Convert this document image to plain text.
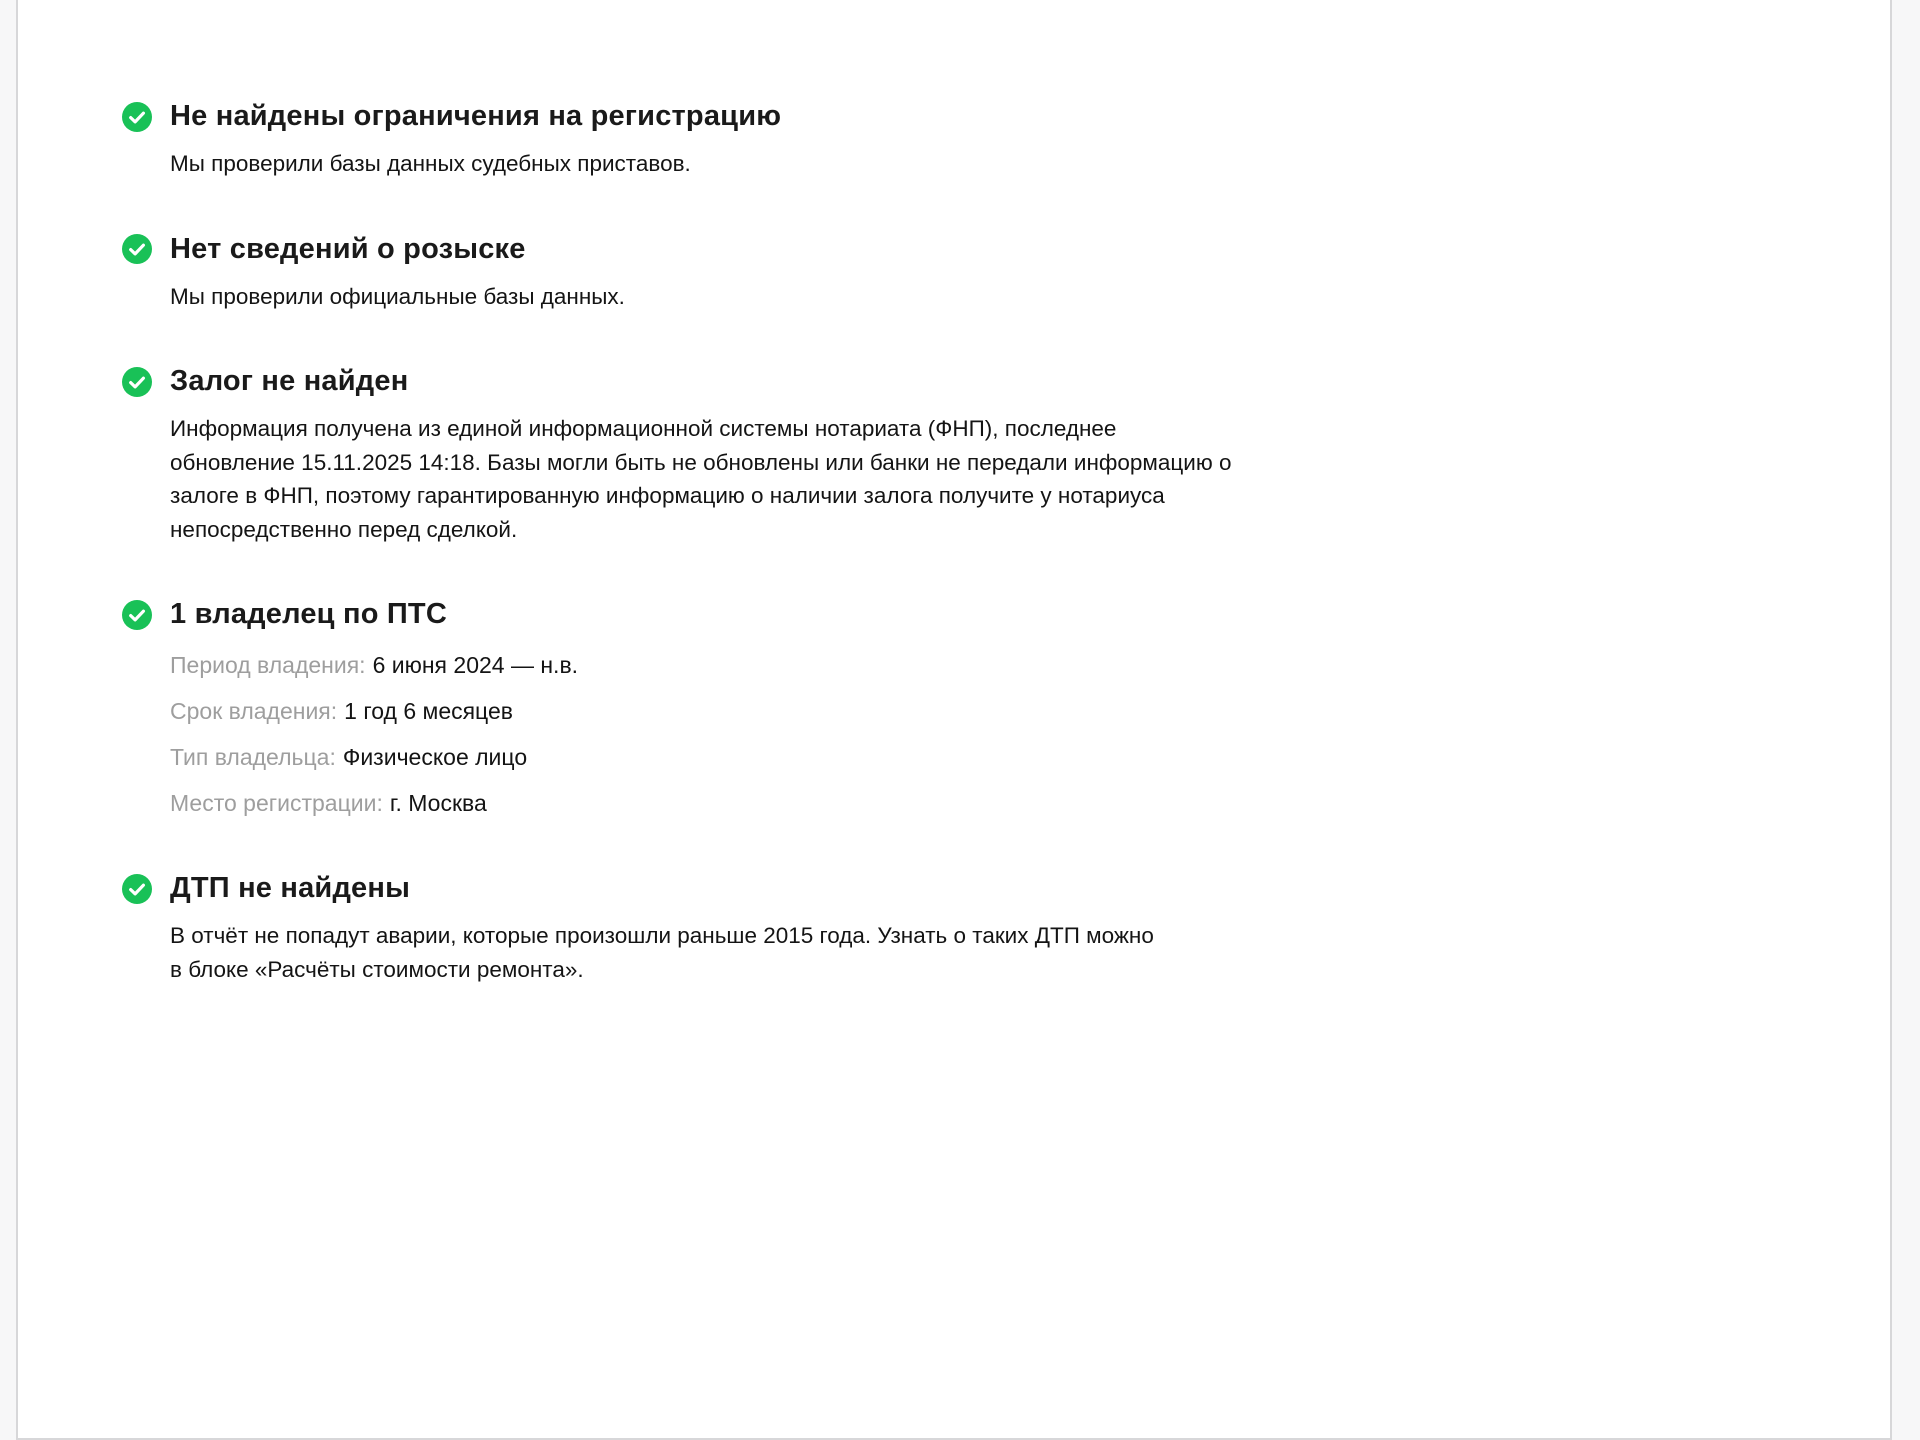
Не найдены ограничения на регистрацию

Мы проверили базы данных судебных приставов.

Нет сведений о розыске

Мы проверили официальные базы данных.

Залог не найден

Информация получена из единой информационной системы нотариата (ФНП), последнее
обновление 15.11.2025 14:18. Базы могли быть не обновлены или банки не передали информацию о
залоге в ФНП, поэтому гарантированную информацию о наличии залога получите у нотариуса
непосредственно перед сделкой.

1 владелец по ПТС
Период владения: 6 июня 2024 — н.в.
Срок владения: 1 год 6 месяцев
Тип владельца: Физическое лицо
Место регистрации: г. Москва
ДТП не найдены

В отчёт не попадут аварии, которые произошли раньше 2015 года. Узнать о таких ДТП можно
в блоке «Расчёты стоимости ремонта».
